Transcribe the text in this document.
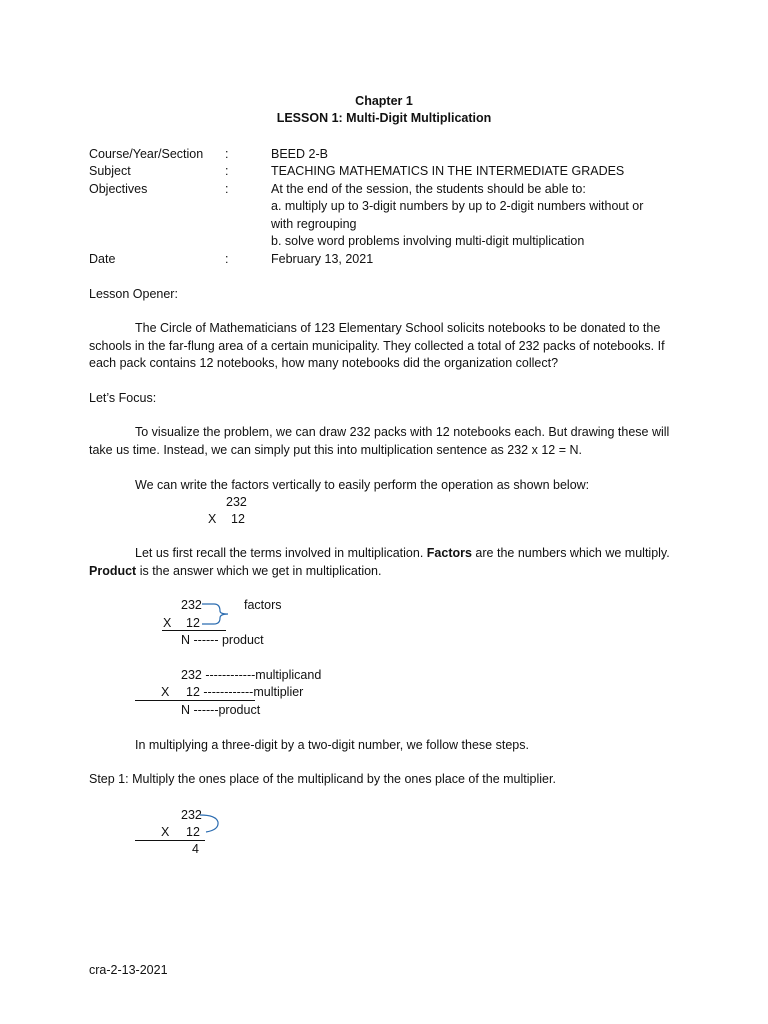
Chapter 1
LESSON 1: Multi-Digit Multiplication
Course/Year/Section :	BEED 2-B
Subject	:	TEACHING MATHEMATICS IN THE INTERMEDIATE GRADES
Objectives	:	At the end of the session, the students should be able to:
a. multiply up to 3-digit numbers by up to 2-digit numbers without or
with regrouping
b. solve word problems involving multi-digit multiplication
Date	:	February 13, 2021
Lesson Opener:
The Circle of Mathematicians of 123 Elementary School solicits notebooks to be donated to the schools in the far-flung area of a certain municipality. They collected a total of 232 packs of notebooks. If each pack contains 12 notebooks, how many notebooks did the organization collect?
Let’s Focus:
To visualize the problem, we can draw 232 packs with 12 notebooks each. But drawing these will take us time. Instead, we can simply put this into multiplication sentence as 232 x 12 = N.
We can write the factors vertically to easily perform the operation as shown below:
232
X 12
Let us first recall the terms involved in multiplication. Factors are the numbers which we multiply. Product is the answer which we get in multiplication.
232
X 12
factors
N ------ product
232 ------------multiplicand
X 12 ------------multiplier
N ------product
In multiplying a three-digit by a two-digit number, we follow these steps.
Step 1: Multiply the ones place of the multiplicand by the ones place of the multiplier.
232
X 12
4
cra-2-13-2021
